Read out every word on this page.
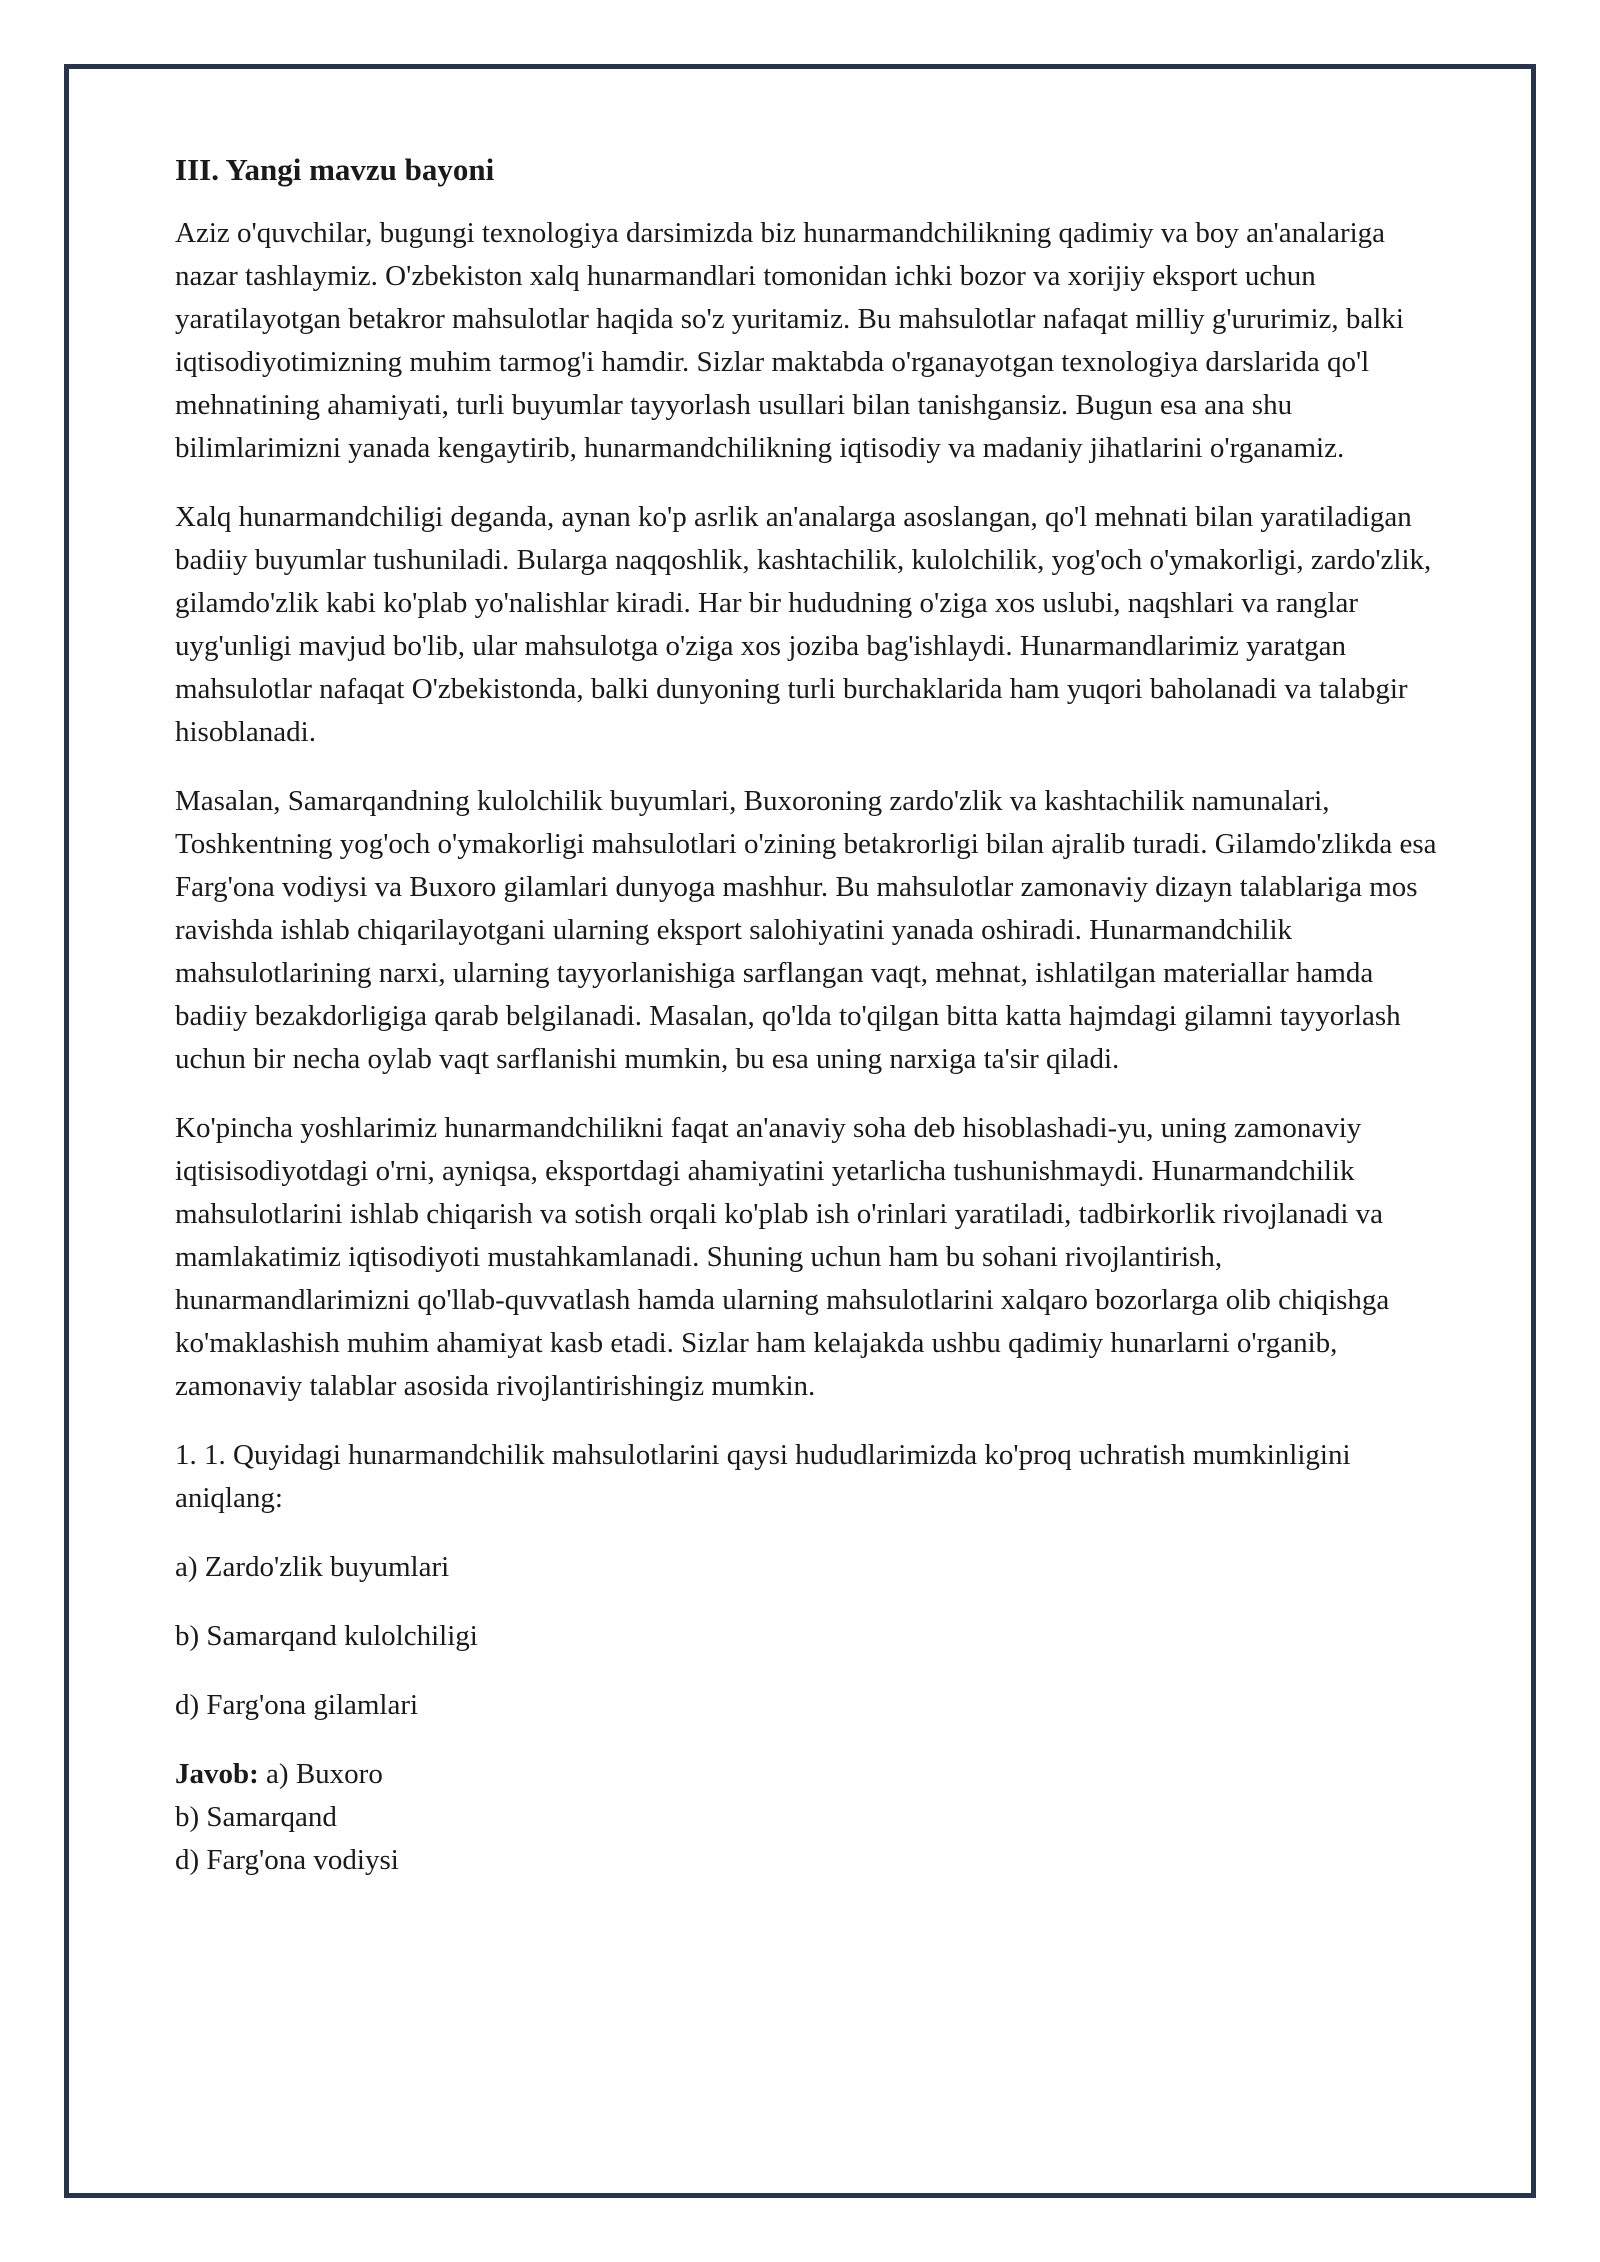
III. Yangi mavzu bayoni

Aziz o'quvchilar, bugungi texnologiya darsimizda biz hunarmandchilikning qadimiy va boy an'analariga nazar tashlaymiz. O'zbekiston xalq hunarmandlari tomonidan ichki bozor va xorijiy eksport uchun yaratilayotgan betakror mahsulotlar haqida so'z yuritamiz. Bu mahsulotlar nafaqat milliy g'ururimiz, balki iqtisodiyotimizning muhim tarmog'i hamdir. Sizlar maktabda o'rganayotgan texnologiya darslarida qo'l mehnatining ahamiyati, turli buyumlar tayyorlash usullari bilan tanishgansiz. Bugun esa ana shu bilimlarimizni yanada kengaytirib, hunarmandchilikning iqtisodiy va madaniy jihatlarini o'rganamiz.

Xalq hunarmandchiligi deganda, aynan ko'p asrlik an'analarga asoslangan, qo'l mehnati bilan yaratiladigan badiiy buyumlar tushuniladi. Bularga naqqoshlik, kashtachilik, kulolchilik, yog'och o'ymakorligi, zardo'zlik, gilamdo'zlik kabi ko'plab yo'nalishlar kiradi. Har bir hududning o'ziga xos uslubi, naqshlari va ranglar uyg'unligi mavjud bo'lib, ular mahsulotga o'ziga xos joziba bag'ishlaydi. Hunarmandlarimiz yaratgan mahsulotlar nafaqat O'zbekistonda, balki dunyoning turli burchaklarida ham yuqori baholanadi va talabgir hisoblanadi.

Masalan, Samarqandning kulolchilik buyumlari, Buxoroning zardo'zlik va kashtachilik namunalari, Toshkentning yog'och o'ymakorligi mahsulotlari o'zining betakrorligi bilan ajralib turadi. Gilamdo'zlikda esa Farg'ona vodiysi va Buxoro gilamlari dunyoga mashhur. Bu mahsulotlar zamonaviy dizayn talablariga mos ravishda ishlab chiqarilayotgani ularning eksport salohiyatini yanada oshiradi. Hunarmandchilik mahsulotlarining narxi, ularning tayyorlanishiga sarflangan vaqt, mehnat, ishlatilgan materiallar hamda badiiy bezakdorligiga qarab belgilanadi. Masalan, qo'lda to'qilgan bitta katta hajmdagi gilamni tayyorlash uchun bir necha oylab vaqt sarflanishi mumkin, bu esa uning narxiga ta'sir qiladi.

Ko'pincha yoshlarimiz hunarmandchilikni faqat an'anaviy soha deb hisoblashadi-yu, uning zamonaviy iqtisisodiyotdagi o'rni, ayniqsa, eksportdagi ahamiyatini yetarlicha tushunishmaydi. Hunarmandchilik mahsulotlarini ishlab chiqarish va sotish orqali ko'plab ish o'rinlari yaratiladi, tadbirkorlik rivojlanadi va mamlakatimiz iqtisodiyoti mustahkamlanadi. Shuning uchun ham bu sohani rivojlantirish, hunarmandlarimizni qo'llab-quvvatlash hamda ularning mahsulotlarini xalqaro bozorlarga olib chiqishga ko'maklashish muhim ahamiyat kasb etadi. Sizlar ham kelajakda ushbu qadimiy hunarlarni o'rganib, zamonaviy talablar asosida rivojlantirishingiz mumkin.

1. 1. Quyidagi hunarmandchilik mahsulotlarini qaysi hududlarimizda ko'proq uchratish mumkinligini aniqlang:

a) Zardo'zlik buyumlari

b) Samarqand kulolchiligi

d) Farg'ona gilamlari

Javob: a) Buxoro
b) Samarqand
d) Farg'ona vodiysi
